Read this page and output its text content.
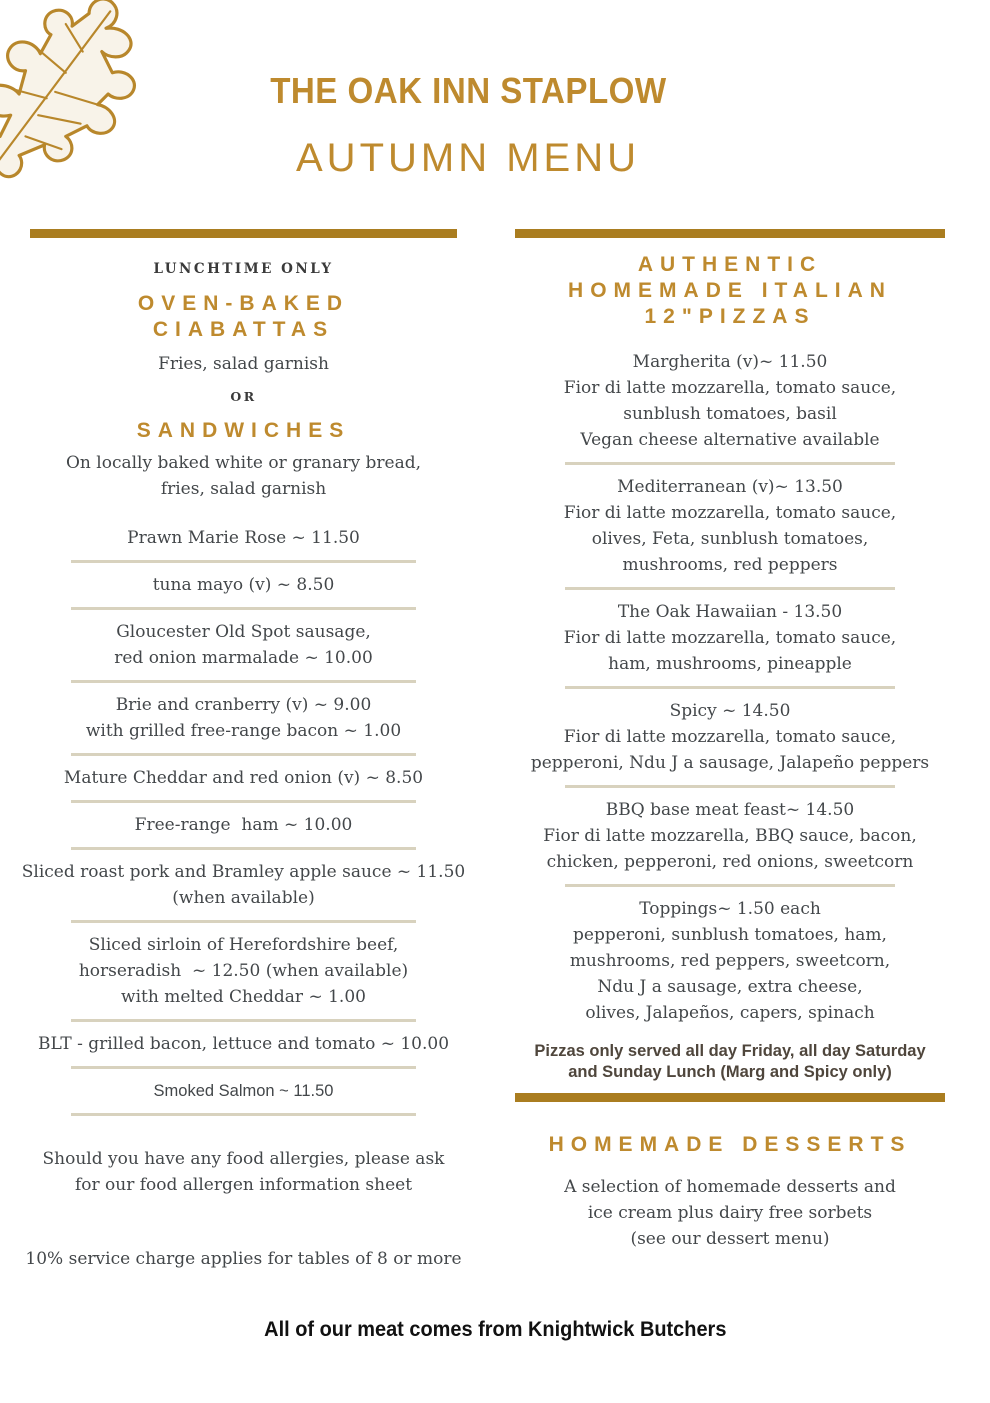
THE OAK INN STAPLOW
AUTUMN MENU
LUNCHTIME ONLY
OVEN-BAKED
CIABATTAS
Fries, salad garnish
OR
SANDWICHES
On locally baked white or granary bread,
fries, salad garnish
Prawn Marie Rose ~ 11.50
tuna mayo (v) ~ 8.50
Gloucester Old Spot sausage,
red onion marmalade ~ 10.00
Brie and cranberry (v) ~ 9.00
with grilled free-range bacon ~ 1.00
Mature Cheddar and red onion (v) ~ 8.50
Free-range  ham ~ 10.00
Sliced roast pork and Bramley apple sauce ~ 11.50
(when available)
Sliced sirloin of Herefordshire beef,
horseradish  ~ 12.50 (when available)
with melted Cheddar ~ 1.00
BLT - grilled bacon, lettuce and tomato ~ 10.00
Smoked Salmon ~ 11.50
Should you have any food allergies, please ask
for our food allergen information sheet
10% service charge applies for tables of 8 or more
AUTHENTIC
HOMEMADE ITALIAN
12"PIZZAS
Margherita (v)~ 11.50
Fior di latte mozzarella, tomato sauce,
sunblush tomatoes, basil
Vegan cheese alternative available
Mediterranean (v)~ 13.50
Fior di latte mozzarella, tomato sauce,
olives, Feta, sunblush tomatoes,
mushrooms, red peppers
The Oak Hawaiian - 13.50
Fior di latte mozzarella, tomato sauce,
ham, mushrooms, pineapple
Spicy ~ 14.50
Fior di latte mozzarella, tomato sauce,
pepperoni, Ndu J a sausage, Jalapeño peppers
BBQ base meat feast~ 14.50
Fior di latte mozzarella, BBQ sauce, bacon,
chicken, pepperoni, red onions, sweetcorn
Toppings~ 1.50 each
pepperoni, sunblush tomatoes, ham,
mushrooms, red peppers, sweetcorn,
Ndu J a sausage, extra cheese,
olives, Jalapeños, capers, spinach
Pizzas only served all day Friday, all day Saturday
and Sunday Lunch (Marg and Spicy only)
HOMEMADE DESSERTS
A selection of homemade desserts and
ice cream plus dairy free sorbets
(see our dessert menu)
All of our meat comes from Knightwick Butchers
